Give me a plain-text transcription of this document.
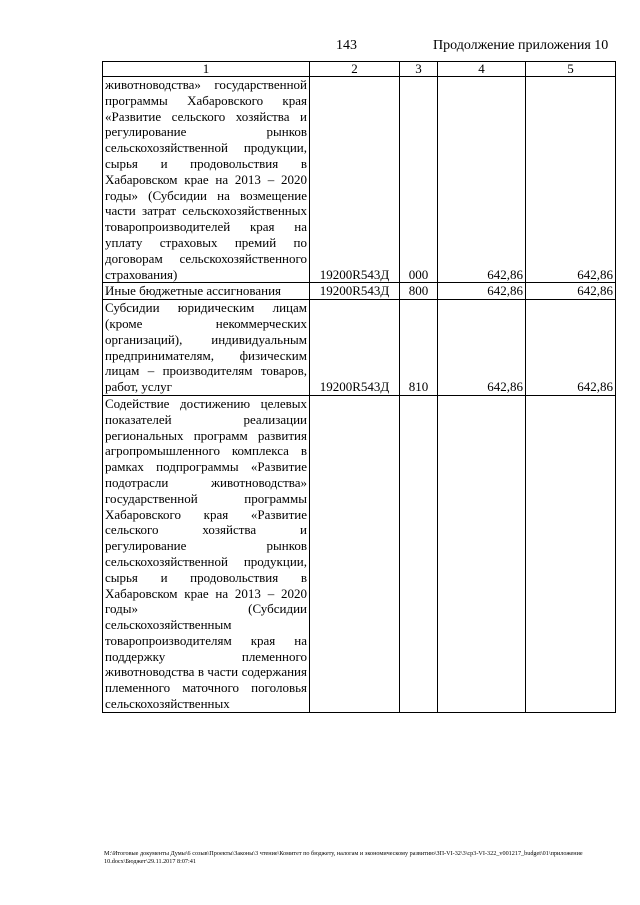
143	Продолжение приложения 10
1	2	3	4	5
животноводства» государственной программы Хабаровского края «Развитие сельского хозяйства и регулирование рынков сельскохозяйственной продукции, сырья и продовольствия в Хабаровском крае на 2013 – 2020 годы» (Субсидии на возмещение части затрат сельскохозяйственных товаропроизводителей края на уплату страховых премий по договорам сельскохозяйственного страхования)	19200R543Д	000	642,86	642,86
Иные бюджетные ассигнования	19200R543Д	800	642,86	642,86
Субсидии юридическим лицам (кроме некоммерческих организаций), индивидуальным предпринимателям, физическим лицам – производителям товаров, работ, услуг	19200R543Д	810	642,86	642,86
Содействие достижению целевых показателей реализации региональных программ развития агропромышленного комплекса в рамках подпрограммы «Развитие подотрасли животноводства» государственной программы Хабаровского края «Развитие сельского хозяйства и регулирование рынков сельскохозяйственной продукции, сырья и продовольствия в Хабаровском крае на 2013 – 2020 годы» (Субсидии сельскохозяйственным товаропроизводителям края на поддержку племенного животноводства в части содержания племенного маточного поголовья сельскохозяйственных				
М:\Итоговые документы Думы\6 созыв\Проекты\Законы\3 чтение\Комитет по бюджету, налогам и экономическому развитию\ЗП-VI-32\3\ср3-VI-322_v001217_budget\01\приложение 10.docx\Бюджет\29.11.2017 8:07:41
